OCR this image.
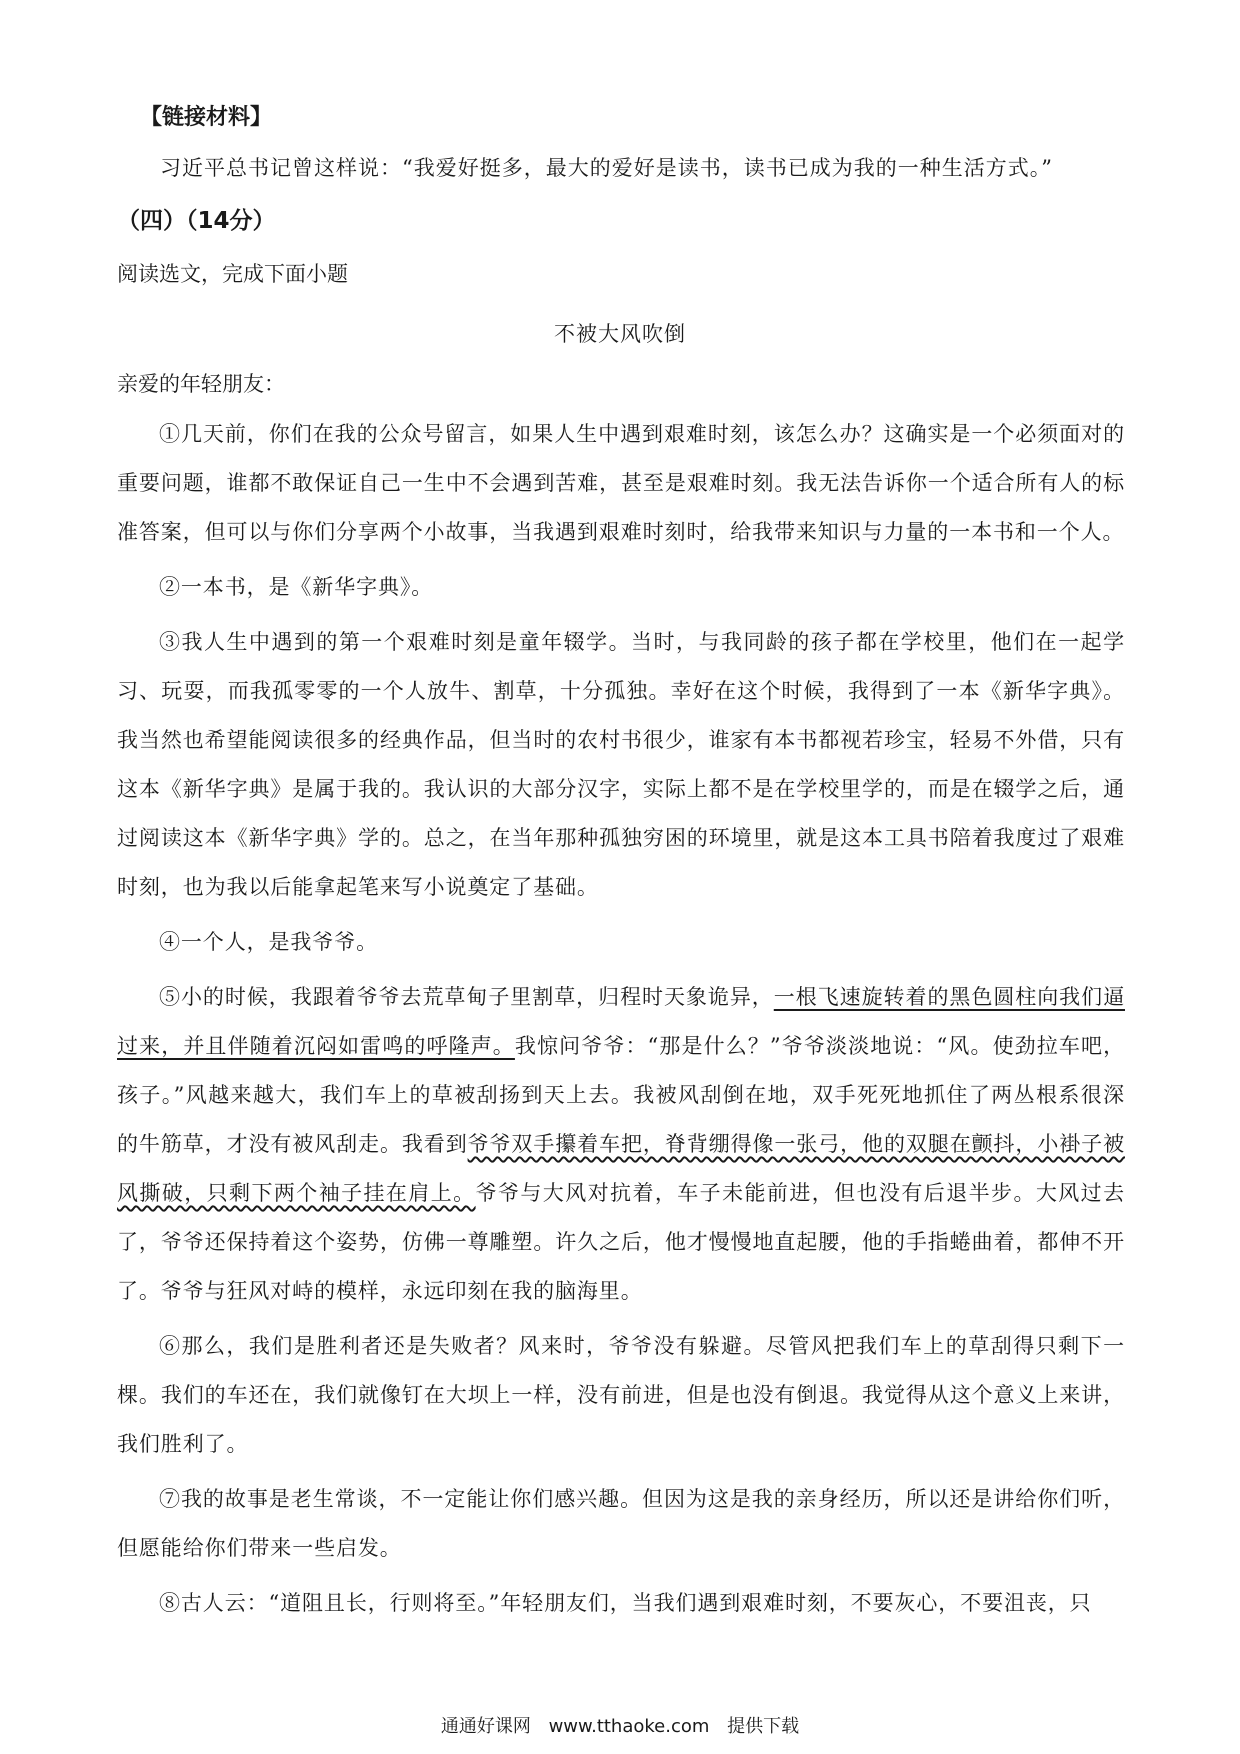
【链接材料】
习近平总书记曾这样说：“我爱好挺多，最大的爱好是读书，读书已成为我的一种生活方式。”
（四）（14分）
阅读选文，完成下面小题
不被大风吹倒
亲爱的年轻朋友：

①几天前，你们在我的公众号留言，如果人生中遇到艰难时刻，该怎么办？这确实是一个必须面对的重要问题，谁都不敢保证自己一生中不会遇到苦难，甚至是艰难时刻。我无法告诉你一个适合所有人的标准答案，但可以与你们分享两个小故事，当我遇到艰难时刻时，给我带来知识与力量的一本书和一个人。

②一本书，是《新华字典》。

③我人生中遇到的第一个艰难时刻是童年辍学。当时，与我同龄的孩子都在学校里，他们在一起学习、玩耍，而我孤零零的一个人放牛、割草，十分孤独。幸好在这个时候，我得到了一本《新华字典》。我当然也希望能阅读很多的经典作品，但当时的农村书很少，谁家有本书都视若珍宝，轻易不外借，只有这本《新华字典》是属于我的。我认识的大部分汉字，实际上都不是在学校里学的，而是在辍学之后，通过阅读这本《新华字典》学的。总之，在当年那种孤独穷困的环境里，就是这本工具书陪着我度过了艰难时刻，也为我以后能拿起笔来写小说奠定了基础。

④一个人，是我爷爷。

⑤小的时候，我跟着爷爷去荒草甸子里割草，归程时天象诡异，一根飞速旋转着的黑色圆柱向我们逼过来，并且伴随着沉闷如雷鸣的呼隆声。我惊问爷爷：“那是什么？”爷爷淡淡地说：“风。使劲拉车吧，孩子。”风越来越大，我们车上的草被刮扬到天上去。我被风刮倒在地，双手死死地抓住了两丛根系很深的牛筋草，才没有被风刮走。我看到爷爷双手攥着车把，脊背绷得像一张弓，他的双腿在颤抖，小褂子被风撕破，只剩下两个袖子挂在肩上。爷爷与大风对抗着，车子未能前进，但也没有后退半步。大风过去了，爷爷还保持着这个姿势，仿佛一尊雕塑。许久之后，他才慢慢地直起腰，他的手指蜷曲着，都伸不开了。爷爷与狂风对峙的模样，永远印刻在我的脑海里。

⑥那么，我们是胜利者还是失败者？风来时，爷爷没有躲避。尽管风把我们车上的草刮得只剩下一棵。我们的车还在，我们就像钉在大坝上一样，没有前进，但是也没有倒退。我觉得从这个意义上来讲，我们胜利了。

⑦我的故事是老生常谈，不一定能让你们感兴趣。但因为这是我的亲身经历，所以还是讲给你们听，但愿能给你们带来一些启发。

⑧古人云：“道阻且长，行则将至。”年轻朋友们，当我们遇到艰难时刻，不要灰心，不要沮丧，只

通通好课网 www.tthaoke.com 提供下载
